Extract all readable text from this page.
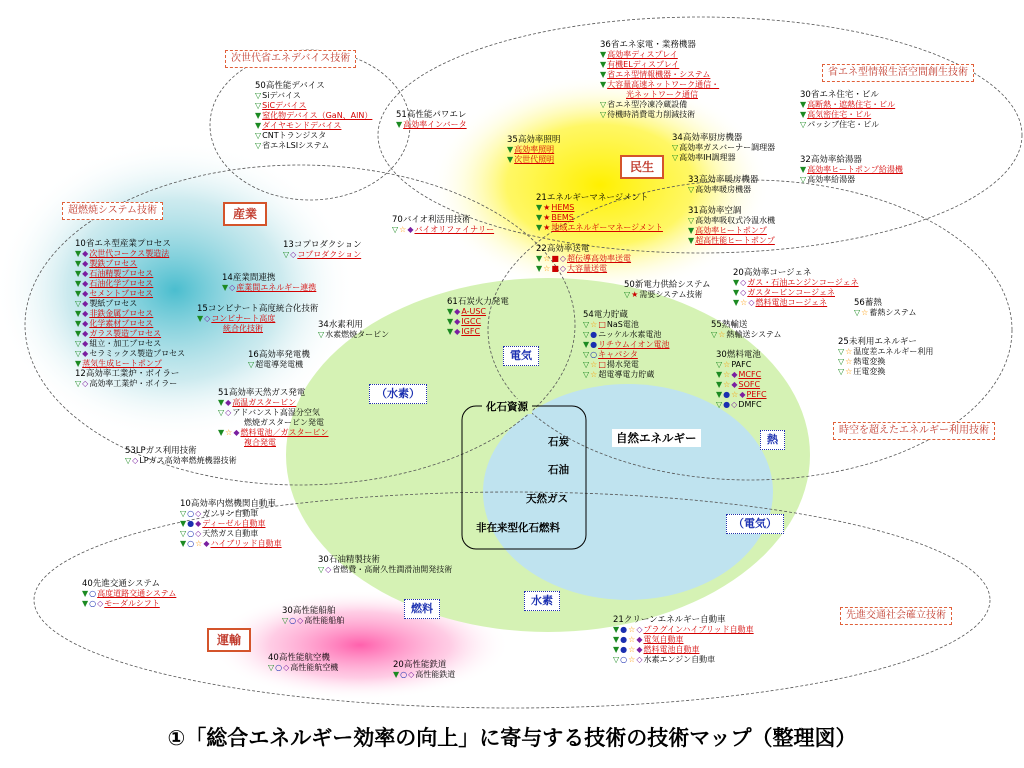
次世代省エネデバイス技術
省エネ型情報生活空間創生技術
超燃焼システム技術
時空を超えたエネルギー利用技術
先進交通社会確立技術
産業
民生
運輸
電気
（水素）
熱
（電気）
燃料
水素
化石資源
石炭
石油
天然ガス
非在来型化石燃料
自然エネルギー
50高性能デバイス
▽Siデバイス
▽SiCデバイス
▼窒化物デバイス（GaN、AlN）
▼ダイヤモンドデバイス
▽CNTトランジスタ
▽省エネLSIシステム
51高性能パワエレ
▼高効率インバータ
36省エネ家電・業務機器
▼高効率ディスプレイ
▼有機ELディスプレイ
▼省エネ型情報機器・システム
▼大容量高速ネットワーク通信・
光ネットワーク通信
▽省エネ型冷凍冷蔵設備
▽待機時消費電力削減技術
30省エネ住宅・ビル
▼高断熱・遮熱住宅・ビル
▼高気密住宅・ビル
▽パッシブ住宅・ビル
35高効率照明
▼高効率照明
▼次世代照明
34高効率厨房機器
▽高効率ガスバーナー調理器
▽高効率IH調理器	32高効率給湯器
▼高効率ヒートポンプ給湯機
▽高効率給湯器
33高効率暖房機器
▽高効率暖房機器
21エネルギーマネージメント
▼★HEMS
▼★BEMS
▼★地域エネルギーマネージメント
31高効率空調
▽高効率吸収式冷温水機
▼高効率ヒートポンプ
▼超高性能ヒートポンプ
10省エネ型産業プロセス
▼◆次世代コークス製造法
▼◆製鉄プロセス
▼◆石油精製プロセス
▼◆石油化学プロセス
▼◆セメントプロセス
▽◆製紙プロセス
▼◆非鉄金属プロセス
▼◆化学素材プロセス
▼◆ガラス製造プロセス
▽◆組立・加工プロセス
▽◆セラミックス製造プロセス
▼蒸気生成ヒートポンプ
12高効率工業炉・ボイラー
▽◇高効率工業炉・ボイラー
53LPガス利用技術
▽◇LPガス高効率燃焼機器技術
13コプロダクション
▽◇コプロダクション
14産業間連携
▼◇産業間エネルギー連携
15コンビナート高度統合化技術
▼◇コンビナート高度
統合化技術
70バイオ利活用技術
▽☆◆バイオリファイナリー
34水素利用
▽水素燃焼タービン
16高効率発電機
▽超電導発電機
61石炭火力発電
▼◆A-USC
▼◆IGCC
▼◆IGFC
22高効率送電
▼☆■◇超伝導高効率送電
▼☆■◇大容量送電
50新電力供給システム
▽★需要システム技術
20高効率コージェネ
▼◇ガス・石油エンジンコージェネ
▼◇ガスタービンコージェネ
▼☆◇燃料電池コージェネ
51高効率天然ガス発電
▼◆高温ガスタービン
▽◇アドバンスト高湿分空気
燃焼ガスタービン発電
▼☆◆燃料電池／ガスタービン
複合発電
54電力貯蔵
▽☆□NaS電池
▽●ニッケル水素電池
▼●リチウムイオン電池
▽○キャパシタ
▽☆□揚水発電
▽☆超電導電力貯蔵
55熱輸送
▽☆熱輸送システム
56蓄熱
▽☆蓄熱システム
30燃料電池
▽☆PAFC
▼☆◆MCFC
▼☆◆SOFC
▼●☆◆PEFC
▽●◇DMFC
25未利用エネルギー
▽☆温度差エネルギー利用
▽☆熱電変換
▽☆圧電変換
10高効率内燃機関自動車
▽○◇ガソリン自動車
▼●◆ディーゼル自動車
▽○◇天然ガス自動車
▼○☆◆ハイブリッド自動車
30石油精製技術
▽◇省燃費・高耐久性潤滑油開発技術
40先進交通システム
▼○高度道路交通システム
▼○◇モーダルシフト
30高性能船舶
▽○◇高性能船舶
40高性能航空機
▽○◇高性能航空機	20高性能鉄道
▼○◇高性能鉄道
21クリーンエネルギー自動車
▼●☆◇プラグインハイブリッド自動車
▼●☆◆電気自動車
▼●☆◆燃料電池自動車
▽○☆◇水素エンジン自動車
①「総合エネルギー効率の向上」に寄与する技術の技術マップ（整理図）
